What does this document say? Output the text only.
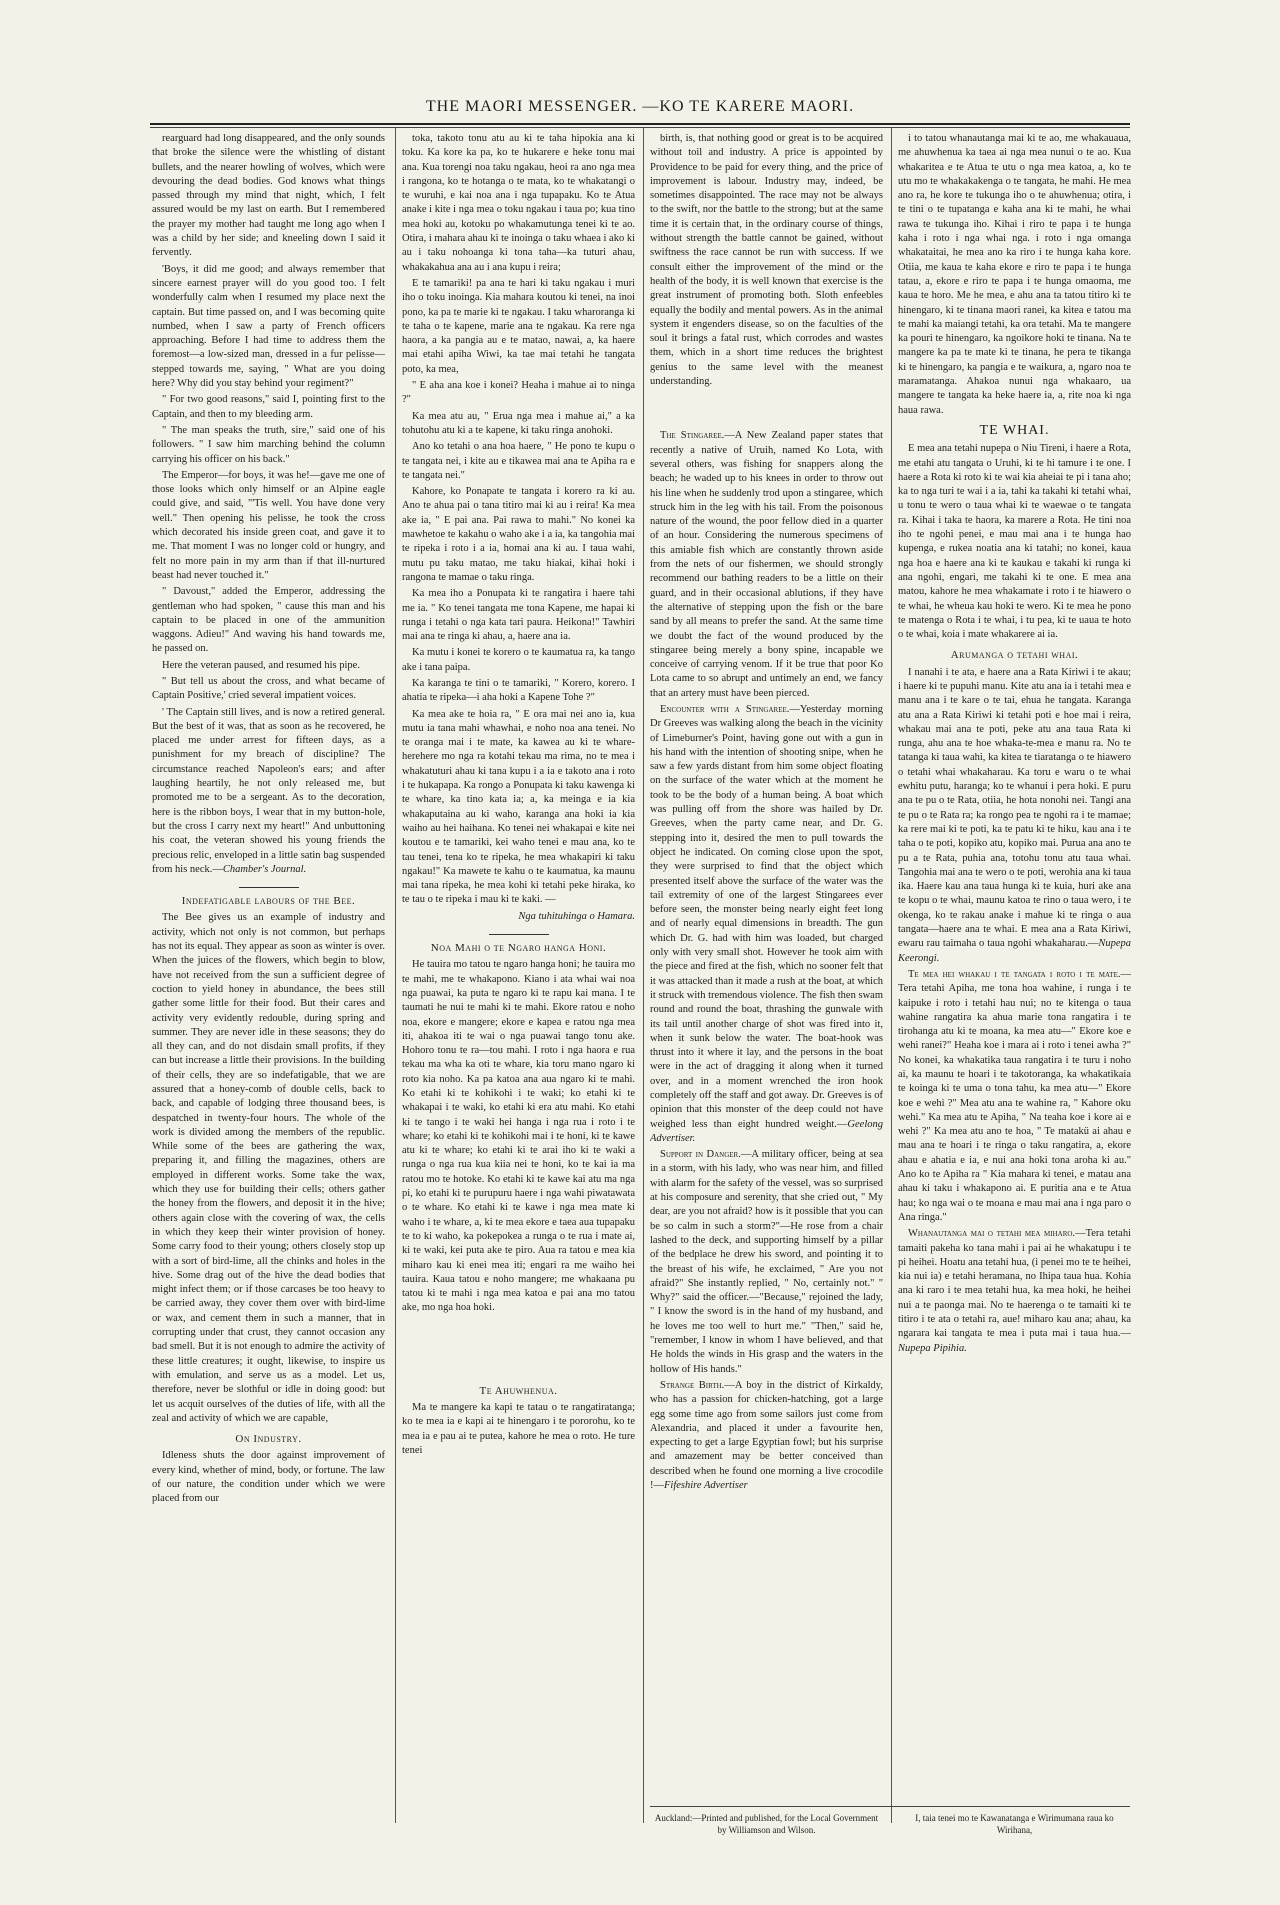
THE MAORI MESSENGER. —KO TE KARERE MAORI.

rearguard had long disappeared, and the only sounds that broke the silence were the whistling of distant bullets, and the nearer howling of wolves, which were devouring the dead bodies. God knows what things passed through my mind that night, which, I felt assured would be my last on earth. But I remembered the prayer my mother had taught me long ago when I was a child by her side; and kneeling down I said it fervently.

'Boys, it did me good; and always remember that sincere earnest prayer will do you good too. I felt wonderfully calm when I resumed my place next the captain. But time passed on, and I was becoming quite numbed, when I saw a party of French officers approaching. Before I had time to address them the foremost—a low-sized man, dressed in a fur pelisse—stepped towards me, saying, " What are you doing here? Why did you stay behind your regiment?"

" For two good reasons," said I, pointing first to the Captain, and then to my bleeding arm.

" The man speaks the truth, sire," said one of his followers. " I saw him marching behind the column carrying his officer on his back."

The Emperor—for boys, it was he!—gave me one of those looks which only himself or an Alpine eagle could give, and said, "'Tis well. You have done very well." Then opening his pelisse, he took the cross which decorated his inside green coat, and gave it to me. That moment I was no longer cold or hungry, and felt no more pain in my arm than if that ill-nurtured beast had never touched it."

" Davoust," added the Emperor, addressing the gentleman who had spoken, " cause this man and his captain to be placed in one of the ammunition waggons. Adieu!" And waving his hand towards me, he passed on.

Here the veteran paused, and resumed his pipe.

" But tell us about the cross, and what became of Captain Positive,' cried several impatient voices.

' The Captain still lives, and is now a retired general. But the best of it was, that as soon as he recovered, he placed me under arrest for fifteen days, as a punishment for my breach of discipline? The circumstance reached Napoleon's ears; and after laughing heartily, he not only released me, but promoted me to be a sergeant. As to the decoration, here is the ribbon boys, I wear that in my button-hole, but the cross I carry next my heart!" And unbuttoning his coat, the veteran showed his young friends the precious relic, enveloped in a little satin bag suspended from his neck.—Chamber's Journal.

Indefatigable labours of the Bee.

The Bee gives us an example of industry and activity, which not only is not common, but perhaps has not its equal. They appear as soon as winter is over. When the juices of the flowers, which begin to blow, have not received from the sun a sufficient degree of coction to yield honey in abundance, the bees still gather some little for their food. But their cares and activity very evidently redouble, during spring and summer. They are never idle in these seasons; they do all they can, and do not disdain small profits, if they can but increase a little their provisions. In the building of their cells, they are so indefatigable, that we are assured that a honey-comb of double cells, back to back, and capable of lodging three thousand bees, is despatched in twenty-four hours. The whole of the work is divided among the members of the republic. While some of the bees are gathering the wax, preparing it, and filling the magazines, others are employed in different works. Some take the wax, which they use for building their cells; others gather the honey from the flowers, and deposit it in the hive; others again close with the covering of wax, the cells in which they keep their winter provision of honey. Some carry food to their young; others closely stop up with a sort of bird-lime, all the chinks and holes in the hive. Some drag out of the hive the dead bodies that might infect them; or if those carcases be too heavy to be carried away, they cover them over with bird-lime or wax, and cement them in such a manner, that in corrupting under that crust, they cannot occasion any bad smell. But it is not enough to admire the activity of these little creatures; it ought, likewise, to inspire us with emulation, and serve us as a model. Let us, therefore, never be slothful or idle in doing good: but let us acquit ourselves of the duties of life, with all the zeal and activity of which we are capable,

On Industry.

Idleness shuts the door against improvement of every kind, whether of mind, body, or fortune. The law of our nature, the condition under which we were placed from our

toka, takoto tonu atu au ki te taha hipokia ana ki toku. Ka kore ka pa, ko te hukarere e heke tonu mai ana. Kua torengi noa taku ngakau, heoi ra ano nga mea i rangona, ko te hotanga o te mata, ko te whakatangi o te wuruhi, e kai noa ana i nga tupapaku. Ko te Atua anake i kite i nga mea o toku ngakau i taua po; kua tino mea hoki au, kotoku po whakamutunga tenei ki te ao. Otira, i mahara ahau ki te inoinga o taku whaea i ako ki au i taku nohoanga ki tona taha—ka tuturi ahau, whakakahua ana au i ana kupu i reira;

E te tamariki! pa ana te hari ki taku ngakau i muri iho o toku inoinga. Kia mahara koutou ki tenei, na inoi pono, ka pa te marie ki te ngakau. I taku wharoranga ki te taha o te kapene, marie ana te ngakau. Ka rere nga haora, a ka pangia au e te matao, nawai, a, ka haere mai etahi apiha Wiwi, ka tae mai tetahi he tangata poto, ka mea,

" E aha ana koe i konei? Heaha i mahue ai to ninga ?"

Ka mea atu au, " Erua nga mea i mahue ai," a ka tohutohu atu ki a te kapene, ki taku ringa anohoki.

Ano ko tetahi o ana hoa haere, " He pono te kupu o te tangata nei, i kite au e tikawea mai ana te Apiha ra e te tangata nei."

Kahore, ko Ponapate te tangata i korero ra ki au. Ano te ahua pai o tana titiro mai ki au i reira! Ka mea ake ia, " E pai ana. Pai rawa to mahi." No konei ka mawhetoe te kakahu o waho ake i a ia, ka tangohia mai te ripeka i roto i a ia, homai ana ki au. I taua wahi, mutu pu taku matao, me taku hiakai, kihai hoki i rangona te mamae o taku ringa.

Ka mea iho a Ponupata ki te rangatira i haere tahi me ia. " Ko tenei tangata me tona Kapene, me hapai ki runga i tetahi o nga kata tari paura. Heikona!" Tawhiri mai ana te ringa ki ahau, a, haere ana ia.

Ka mutu i konei te korero o te kaumatua ra, ka tango ake i tana paipa.

Ka karanga te tini o te tamariki, " Korero, korero. I ahatia te ripeka—i aha hoki a Kapene Tohe ?"

Ka mea ake te hoia ra, " E ora mai nei ano ia, kua mutu ia tana mahi whawhai, e noho noa ana tenei. No te oranga mai i te mate, ka kawea au ki te whare-herehere mo nga ra kotahi tekau ma rima, no te mea i whakatuturi ahau ki tana kupu i a ia e takoto ana i roto i te hukapapa. Ka rongo a Ponupata ki taku kawenga ki te whare, ka tino kata ia; a, ka meinga e ia kia whakaputaina au ki waho, karanga ana hoki ia kia waiho au hei haihana. Ko tenei nei whakapai e kite nei koutou e te tamariki, kei waho tenei e mau ana, ko te tau tenei, tena ko te ripeka, he mea whakapiri ki taku ngakau!" Ka mawete te kahu o te kaumatua, ka maunu mai tana ripeka, he mea kohi ki tetahi peke hiraka, ko te tau o te ripeka i mau ki te kaki. —

Nga tuhituhinga o Hamara.

Noa Mahi o te Ngaro hanga Honi.

He tauira mo tatou te ngaro hanga honi; he tauira mo te mahi, me te whakapono. Kiano i ata whai wai noa nga puawai, ka puta te ngaro ki te rapu kai mana. I te taumati he nui te mahi ki te mahi. Ekore ratou e noho noa, ekore e mangere; ekore e kapea e ratou nga mea iti, ahakoa iti te wai o nga puawai tango tonu ake. Hohoro tonu te ra—tou mahi. I roto i nga haora e rua tekau ma wha ka oti te whare, kia toru mano ngaro ki roto kia noho. Ka pa katoa ana aua ngaro ki te mahi. Ko etahi ki te kohikohi i te waki; ko etahi ki te whakapai i te waki, ko etahi ki era atu mahi. Ko etahi ki te tango i te waki hei hanga i nga rua i roto i te whare; ko etahi ki te kohikohi mai i te honi, ki te kawe atu ki te whare; ko etahi ki te arai iho ki te waki a runga o nga rua kua kiia nei te honi, ko te kai ia ma ratou mo te hotoke. Ko etahi ki te kawe kai atu ma nga pi, ko etahi ki te purupuru haere i nga wahi piwatawata o te whare. Ko etahi ki te kawe i nga mea mate ki waho i te whare, a, ki te mea ekore e taea aua tupapaku te to ki waho, ka pokepokea a runga o te rua i mate ai, ki te waki, kei puta ake te piro. Aua ra tatou e mea kia miharo kau ki enei mea iti; engari ra me waiho hei tauira. Kaua tatou e noho mangere; me whakaana pu tatou ki te mahi i nga mea katoa e pai ana mo tatou ake, mo nga hoa hoki.

Te Ahuwhenua.

Ma te mangere ka kapi te tatau o te rangatiratanga; ko te mea ia e kapi ai te hinengaro i te pororohu, ko te mea ia e pau ai te putea, kahore he mea o roto. He ture tenei

birth, is, that nothing good or great is to be acquired without toil and industry. A price is appointed by Providence to be paid for every thing, and the price of improvement is labour. Industry may, indeed, be sometimes disappointed. The race may not be always to the swift, nor the battle to the strong; but at the same time it is certain that, in the ordinary course of things, without strength the battle cannot be gained, without swiftness the race cannot be run with success. If we consult either the improvement of the mind or the health of the body, it is well known that exercise is the great instrument of promoting both. Sloth enfeebles equally the bodily and mental powers. As in the animal system it engenders disease, so on the faculties of the soul it brings a fatal rust, which corrodes and wastes them, which in a short time reduces the brightest genius to the same level with the meanest understanding.

The Stingaree.—A New Zealand paper states that recently a native of Uruih, named Ko Lota, with several others, was fishing for snappers along the beach; he waded up to his knees in order to throw out his line when he suddenly trod upon a stingaree, which struck him in the leg with his tail. From the poisonous nature of the wound, the poor fellow died in a quarter of an hour. Considering the numerous specimens of this amiable fish which are constantly thrown aside from the nets of our fishermen, we should strongly recommend our bathing readers to be a little on their guard, and in their occasional ablutions, if they have the alternative of stepping upon the fish or the bare sand by all means to prefer the sand. At the same time we doubt the fact of the wound produced by the stingaree being merely a bony spine, incapable we conceive of carrying venom. If it be true that poor Ko Lota came to so abrupt and untimely an end, we fancy that an artery must have been pierced.

Encounter with a Stingaree.—Yesterday morning Dr Greeves was walking along the beach in the vicinity of Limeburner's Point, having gone out with a gun in his hand with the intention of shooting snipe, when he saw a few yards distant from him some object floating on the surface of the water which at the moment he took to be the body of a human being. A boat which was pulling off from the shore was hailed by Dr. Greeves, when the party came near, and Dr. G. stepping into it, desired the men to pull towards the object he indicated. On coming close upon the spot, they were surprised to find that the object which presented itself above the surface of the water was the tail extremity of one of the largest Stingarees ever before seen, the monster being nearly eight feet long and of nearly equal dimensions in breadth. The gun which Dr. G. had with him was loaded, but charged only with very small shot. However he took aim with the piece and fired at the fish, which no sooner felt that it was attacked than it made a rush at the boat, at which it struck with tremendous violence. The fish then swam round and round the boat, thrashing the gunwale with its tail until another charge of shot was fired into it, when it sunk below the water. The boat-hook was thrust into it where it lay, and the persons in the boat were in the act of dragging it along when it turned over, and in a moment wrenched the iron hook completely off the staff and got away. Dr. Greeves is of opinion that this monster of the deep could not have weighed less than eight hundred weight.—Geelong Advertiser.

Support in Danger.—A military officer, being at sea in a storm, with his lady, who was near him, and filled with alarm for the safety of the vessel, was so surprised at his composure and serenity, that she cried out, " My dear, are you not afraid? how is it possible that you can be so calm in such a storm?"—He rose from a chair lashed to the deck, and supporting himself by a pillar of the bedplace he drew his sword, and pointing it to the breast of his wife, he exclaimed, " Are you not afraid?" She instantly replied, " No, certainly not." " Why?" said the officer.—"Because," rejoined the lady, " I know the sword is in the hand of my husband, and he loves me too well to hurt me." "Then," said he, "remember, I know in whom I have believed, and that He holds the winds in His grasp and the waters in the hollow of His hands."

Strange Birth.—A boy in the district of Kirkaldy, who has a passion for chicken-hatching, got a large egg some time ago from some sailors just come from Alexandria, and placed it under a favourite hen, expecting to get a large Egyptian fowl; but his surprise and amazement may be better conceived than described when he found one morning a live crocodile !—Fifeshire Advertiser

i to tatou whanautanga mai ki te ao, me whakauaua, me ahuwhenua ka taea ai nga mea nunui o te ao. Kua whakaritea e te Atua te utu o nga mea katoa, a, ko te utu mo te whakakakenga o te tangata, he mahi. He mea ano ra, he kore te tukunga iho o te ahuwhenua; otira, i te tini o te tupatanga e kaha ana ki te mahi, he whai rawa te tukunga iho. Kihai i riro te papa i te hunga kaha i roto i nga whai nga. i roto i nga omanga whakataitai, he mea ano ka riro i te hunga kaha kore. Otiia, me kaua te kaha ekore e riro te papa i te hunga tatau, a, ekore e riro te papa i te hunga omaoma, me kaua te horo. Me he mea, e ahu ana ta tatou titiro ki te hinengaro, ki te tinana maori ranei, ka kitea e tatou ma te mahi ka maiangi tetahi, ka ora tetahi. Ma te mangere ka pouri te hinengaro, ka ngoikore hoki te tinana. Na te mangere ka pa te mate ki te tinana, he pera te tikanga ki te hinengaro, ka pangia e te waikura, a, ngaro noa te maramatanga. Ahakoa nunui nga whakaaro, ua mangere te tangata ka heke haere ia, a, rite noa ki nga haua rawa.

TE WHAI.

E mea ana tetahi nupepa o Niu Tireni, i haere a Rota, me etahi atu tangata o Uruhi, ki te hi tamure i te one. I haere a Rota ki roto ki te wai kia aheiai te pi i tana aho; ka to nga turi te wai i a ia, tahi ka takahi ki tetahi whai, u tonu te wero o taua whai ki te waewae o te tangata ra. Kihai i taka te haora, ka marere a Rota. He tini noa iho te ngohi penei, e mau mai ana i te hunga hao kupenga, e rukea noatia ana ki tatahi; no konei, kaua nga hoa e haere ana ki te kaukau e takahi ki runga ki ana ngohi, engari, me takahi ki te one. E mea ana matou, kahore he mea whakamate i roto i te hiawero o te whai, he wheua kau hoki te wero. Ki te mea he pono te matenga o Rota i te whai, i tu pea, ki te uaua te hoto o te whai, koia i mate whakarere ai ia.

Arumanga o tetahi whai.

I nanahi i te ata, e haere ana a Rata Kiriwi i te akau; i haere ki te pupuhi manu. Kite atu ana ia i tetahi mea e manu ana i te kare o te tai, ehua he tangata. Karanga atu ana a Rata Kiriwi ki tetahi poti e hoe mai i reira, whakau mai ana te poti, peke atu ana taua Rata ki runga, ahu ana te hoe whaka-te-mea e manu ra. No te tatanga ki taua wahi, ka kitea te tiaratanga o te hiawero o tetahi whai whakaharau. Ka toru e waru o te whai ewhitu putu, haranga; ko te whanui i pera hoki. E puru ana te pu o te Rata, otiia, he hota nonohi nei. Tangi ana te pu o te Rata ra; ka rongo pea te ngohi ra i te mamae; ka rere mai ki te poti, ka te patu ki te hiku, kau ana i te taha o te poti, kopiko atu, kopiko mai. Purua ana ano te pu a te Rata, puhia ana, totohu tonu atu taua whai. Tangohia mai ana te wero o te poti, werohia ana ki taua ika. Haere kau ana taua hunga ki te kuia, huri ake ana te kopu o te whai, maunu katoa te rino o taua wero, i te okenga, ko te rakau anake i mahue ki te ringa o aua tangata—haere ana te whai. E mea ana a Rata Kiriwi, ewaru rau taimaha o taua ngohi whakaharau.—Nupepa Keerongi.

Te mea hei whakau i te tangata i roto i te mate.—Tera tetahi Apiha, me tona hoa wahine, i runga i te kaipuke i roto i tetahi hau nui; no te kitenga o taua wahine rangatira ka ahua marie tona rangatira i te tirohanga atu ki te moana, ka mea atu—" Ekore koe e wehi ranei?" Heaha koe i mara ai i roto i tenei awha ?" No konei, ka whakatika taua rangatira i te turu i noho ai, ka maunu te hoari i te takotoranga, ka whakatikaia te koinga ki te uma o tona tahu, ka mea atu—" Ekore koe e wehi ?" Mea atu ana te wahine ra, " Kahore oku wehi." Ka mea atu te Apiha, " Na teaha koe i kore ai e wehi ?" Ka mea atu ano te hoa, " Te matakü ai ahau e mau ana te hoari i te ringa o taku rangatira, a, ekore ahau e ahatia e ia, e nui ana hoki tona aroha ki au." Ano ko te Apiha ra " Kia mahara ki tenei, e matau ana ahau ki taku i whakapono ai. E puritia ana e te Atua hau; ko nga wai o te moana e mau mai ana i nga paro o Ana ringa."

Whanautanga mai o tetahi mea miharo.—Tera tetahi tamaiti pakeha ko tana mahi i pai ai he whakatupu i te pi heihei. Hoatu ana tetahi hua, (i penei mo te te heihei, kia nui ia) e tetahi heramana, no Ihipa taua hua. Kohia ana ki raro i te mea tetahi hua, ka mea hoki, he heihei nui a te paonga mai. No te haerenga o te tamaiti ki te titiro i te ata o tetahi ra, aue! miharo kau ana; ahau, ka ngarara kai tangata te mea i puta mai i taua hua.—Nupepa Pipihia.

Auckland:—Printed and published, for the Local Government by Williamson and Wilson.
I, taia tenei mo te Kawanatanga e Wirimumana raua ko Wirihana,
